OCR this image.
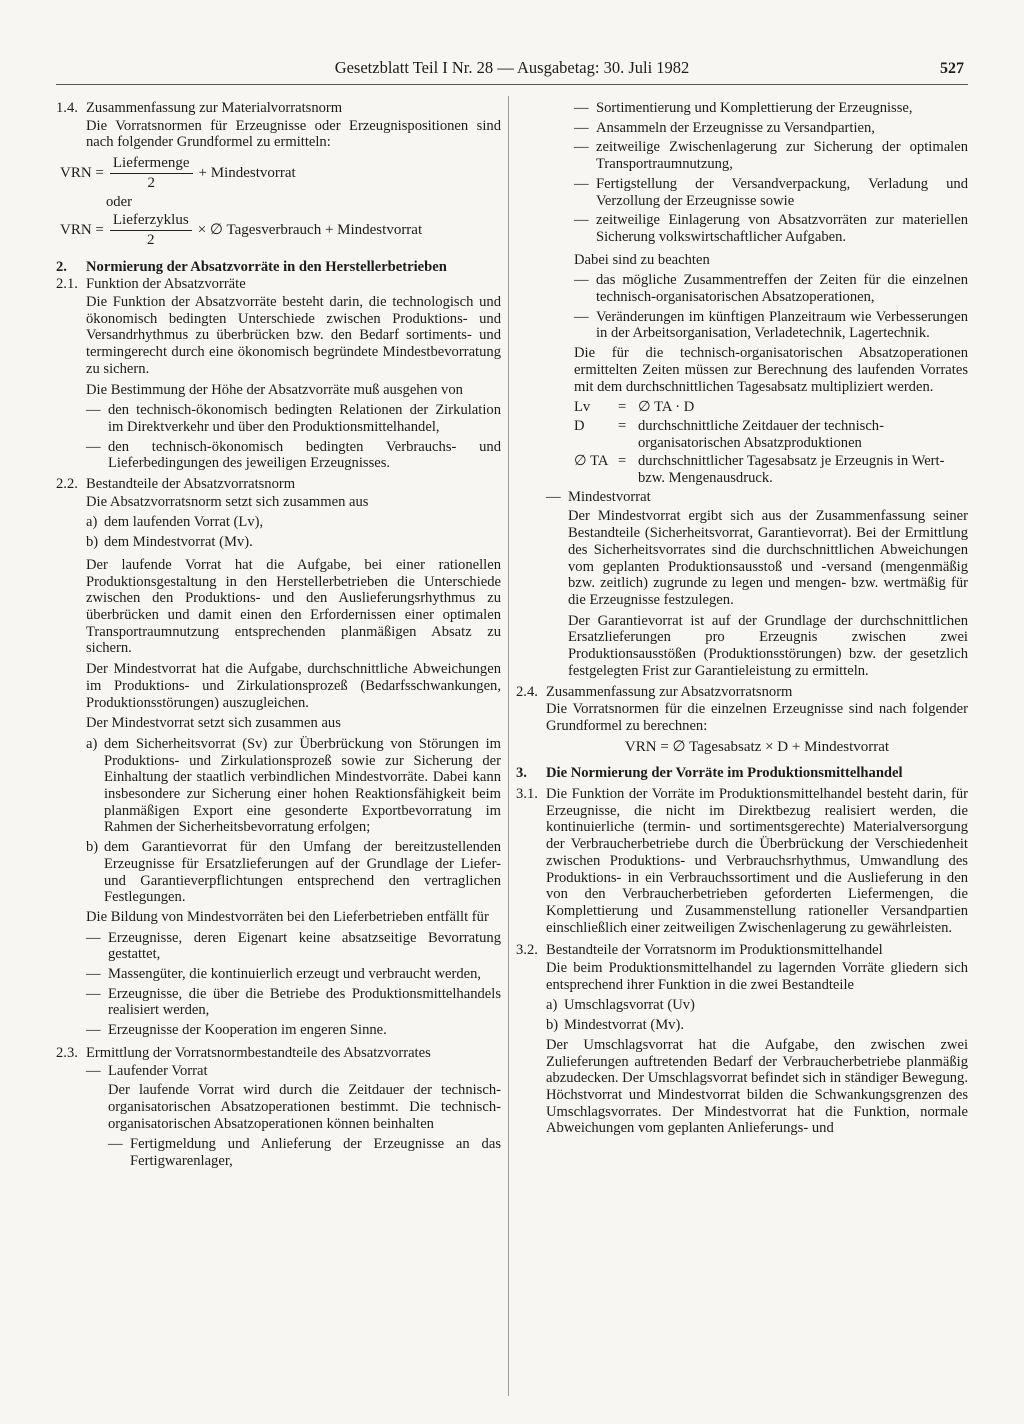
Gesetzblatt Teil I Nr. 28 — Ausgabetag: 30. Juli 1982	527
1.4. Zusammenfassung zur Materialvorratsnorm

Die Vorratsnormen für Erzeugnisse oder Erzeugnispositionen sind nach folgender Grundformel zu ermitteln:

VRN = $\frac{\text{Liefermenge}}{2}$ + Mindestvorrat
oder
VRN = $\frac{\text{Lieferzyklus}}{2}$ × ∅ Tagesverbrauch + Mindestvorrat
2.	Normierung der Absatzvorräte in den Herstellerbetrieben
2.1. Funktion der Absatzvorräte

Die Funktion der Absatzvorräte besteht darin, die technologisch und ökonomisch bedingten Unterschiede zwischen Produktions- und Versandrhythmus zu überbrücken bzw. den Bedarf sortiments- und termingerecht durch eine ökonomisch begründete Mindestbevorratung zu sichern.

Die Bestimmung der Höhe der Absatzvorräte muß ausgehen von

— den technisch-ökonomisch bedingten Relationen der Zirkulation im Direktverkehr und über den Produktionsmittelhandel,
— den technisch-ökonomisch bedingten Verbrauchs- und Lieferbedingungen des jeweiligen Erzeugnisses.
2.2. Bestandteile der Absatzvorratsnorm

Die Absatzvorratsnorm setzt sich zusammen aus

a) dem laufenden Vorrat (Lv),
b) dem Mindestvorrat (Mv).

Der laufende Vorrat hat die Aufgabe, bei einer rationellen Produktionsgestaltung in den Herstellerbetrieben die Unterschiede zwischen den Produktions- und den Auslieferungsrhythmus zu überbrücken und damit einen den Erfordernissen einer optimalen Transportraumnutzung entsprechenden planmäßigen Absatz zu sichern.

Der Mindestvorrat hat die Aufgabe, durchschnittliche Abweichungen im Produktions- und Zirkulationsprozeß (Bedarfsschwankungen, Produktionsstörungen) auszugleichen.

Der Mindestvorrat setzt sich zusammen aus

a) dem Sicherheitsvorrat (Sv) zur Überbrückung von Störungen im Produktions- und Zirkulationsprozeß sowie zur Sicherung der Einhaltung der staatlich verbindlichen Mindestvorräte. Dabei kann insbesondere zur Sicherung einer hohen Reaktionsfähigkeit beim planmäßigen Export eine gesonderte Exportbevorratung im Rahmen der Sicherheitsbevorratung erfolgen;
b) dem Garantievorrat für den Umfang der bereitzustellenden Erzeugnisse für Ersatzlieferungen auf der Grundlage der Liefer- und Garantieverpflichtungen entsprechend den vertraglichen Festlegungen.

Die Bildung von Mindestvorräten bei den Lieferbetrieben entfällt für

— Erzeugnisse, deren Eigenart keine absatzseitige Bevorratung gestattet,
— Massengüter, die kontinuierlich erzeugt und verbraucht werden,
— Erzeugnisse, die über die Betriebe des Produktionsmittelhandels realisiert werden,
— Erzeugnisse der Kooperation im engeren Sinne.
2.3. Ermittlung der Vorratsnormbestandteile des Absatzvorrates
— Laufender Vorrat

Der laufende Vorrat wird durch die Zeitdauer der technisch-organisatorischen Absatzoperationen bestimmt. Die technisch-organisatorischen Absatzoperationen können beinhalten

— Fertigmeldung und Anlieferung der Erzeugnisse an das Fertigwarenlager,
— Sortimentierung und Komplettierung der Erzeugnisse,
— Ansammeln der Erzeugnisse zu Versandpartien,
— zeitweilige Zwischenlagerung zur Sicherung der optimalen Transportraumnutzung,
— Fertigstellung der Versandverpackung, Verladung und Verzollung der Erzeugnisse sowie
— zeitweilige Einlagerung von Absatzvorräten zur materiellen Sicherung volkswirtschaftlicher Aufgaben.

Dabei sind zu beachten

— das mögliche Zusammentreffen der Zeiten für die einzelnen technisch-organisatorischen Absatzoperationen,
— Veränderungen im künftigen Planzeitraum wie Verbesserungen in der Arbeitsorganisation, Verladetechnik, Lagertechnik.

Die für die technisch-organisatorischen Absatzoperationen ermittelten Zeiten müssen zur Berechnung des laufenden Vorrates mit dem durchschnittlichen Tagesabsatz multipliziert werden.

Lv	= ∅ TA · D
D	= durchschnittliche Zeitdauer der technisch-organisatorischen Absatzproduktionen
∅ TA = durchschnittlicher Tagesabsatz je Erzeugnis in Wert- bzw. Mengenausdruck.
— Mindestvorrat

Der Mindestvorrat ergibt sich aus der Zusammenfassung seiner Bestandteile (Sicherheitsvorrat, Garantievorrat). Bei der Ermittlung des Sicherheitsvorrates sind die durchschnittlichen Abweichungen vom geplanten Produktionsausstoß und -versand (mengenmäßig bzw. zeitlich) zugrunde zu legen und mengen- bzw. wertmäßig für die Erzeugnisse festzulegen.

Der Garantievorrat ist auf der Grundlage der durchschnittlichen Ersatzlieferungen pro Erzeugnis zwischen zwei Produktionsausstößen (Produktionsstörungen) bzw. der gesetzlich festgelegten Frist zur Garantieleistung zu ermitteln.

2.4. Zusammenfassung zur Absatzvorratsnorm

Die Vorratsnormen für die einzelnen Erzeugnisse sind nach folgender Grundformel zu berechnen:

VRN = ∅ Tagesabsatz × D + Mindestvorrat
3.	Die Normierung der Vorräte im Produktionsmittelhandel
3.1. Die Funktion der Vorräte im Produktionsmittelhandel besteht darin, für Erzeugnisse, die nicht im Direktbezug realisiert werden, die kontinuierliche (termin- und sortimentsgerechte) Materialversorgung der Verbraucherbetriebe durch die Überbrückung der Verschiedenheit zwischen Produktions- und Verbrauchsrhythmus, Umwandlung des Produktions- in ein Verbrauchssortiment und die Auslieferung in den von den Verbraucherbetrieben geforderten Liefermengen, die Komplettierung und Zusammenstellung rationeller Versandpartien einschließlich einer zeitweiligen Zwischenlagerung zu gewährleisten.
3.2. Bestandteile der Vorratsnorm im Produktionsmittelhandel

Die beim Produktionsmittelhandel zu lagernden Vorräte gliedern sich entsprechend ihrer Funktion in die zwei Bestandteile

a) Umschlagsvorrat (Uv)
b) Mindestvorrat (Mv).

Der Umschlagsvorrat hat die Aufgabe, den zwischen zwei Zulieferungen auftretenden Bedarf der Verbraucherbetriebe planmäßig abzudecken. Der Umschlagsvorrat befindet sich in ständiger Bewegung. Höchstvorrat und Mindestvorrat bilden die Schwankungsgrenzen des Umschlagsvorrates. Der Mindestvorrat hat die Funktion, normale Abweichungen vom geplanten Anlieferungs- und
